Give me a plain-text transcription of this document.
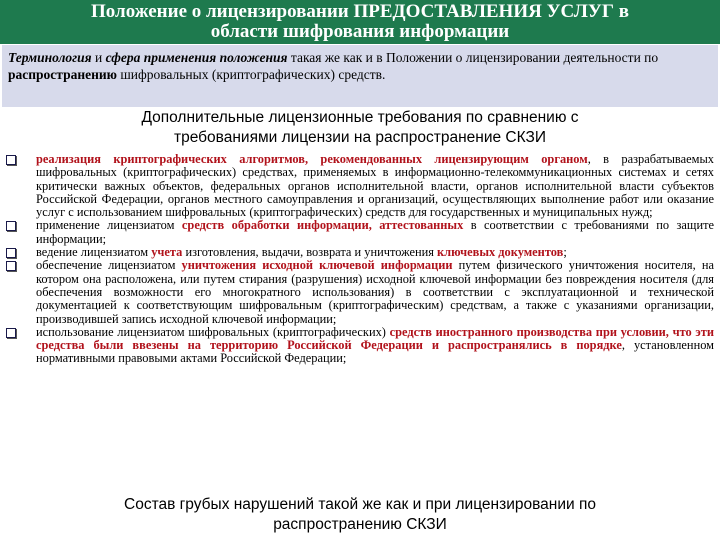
Положение о лицензировании ПРЕДОСТАВЛЕНИЯ УСЛУГ в
области шифрования информации
Терминология и сфера применения положения такая же как и в Положении о лицензировании деятельности по распространению шифровальных (криптографических) средств.
Дополнительные лицензионные требования по сравнению с
требованиями лицензии на распространение СКЗИ
реализация криптографических алгоритмов, рекомендованных лицензирующим органом, в разрабатываемых шифровальных (криптографических) средствах, применяемых в информационно-телекоммуникационных системах и сетях критически важных объектов, федеральных органов исполнительной власти, органов исполнительной власти субъектов Российской Федерации, органов местного самоуправления и организаций, осуществляющих выполнение работ или оказание услуг с использованием шифровальных (криптографических) средств для государственных и муниципальных нужд;
применение лицензиатом средств обработки информации, аттестованных в соответствии с требованиями по защите информации;
ведение лицензиатом учета изготовления, выдачи, возврата и уничтожения ключевых документов;
обеспечение лицензиатом уничтожения исходной ключевой информации путем физического уничтожения носителя, на котором она расположена, или путем стирания (разрушения) исходной ключевой информации без повреждения носителя (для обеспечения возможности его многократного использования) в соответствии с эксплуатационной и технической документацией к соответствующим шифровальным (криптографическим) средствам, а также с указаниями организации, производившей запись исходной ключевой информации;
использование лицензиатом шифровальных (криптографических) средств иностранного производства при условии, что эти средства были ввезены на территорию Российской Федерации и распространялись в порядке, установленном нормативными правовыми актами Российской Федерации;
Состав грубых нарушений такой же как и при лицензировании по
распространению СКЗИ
